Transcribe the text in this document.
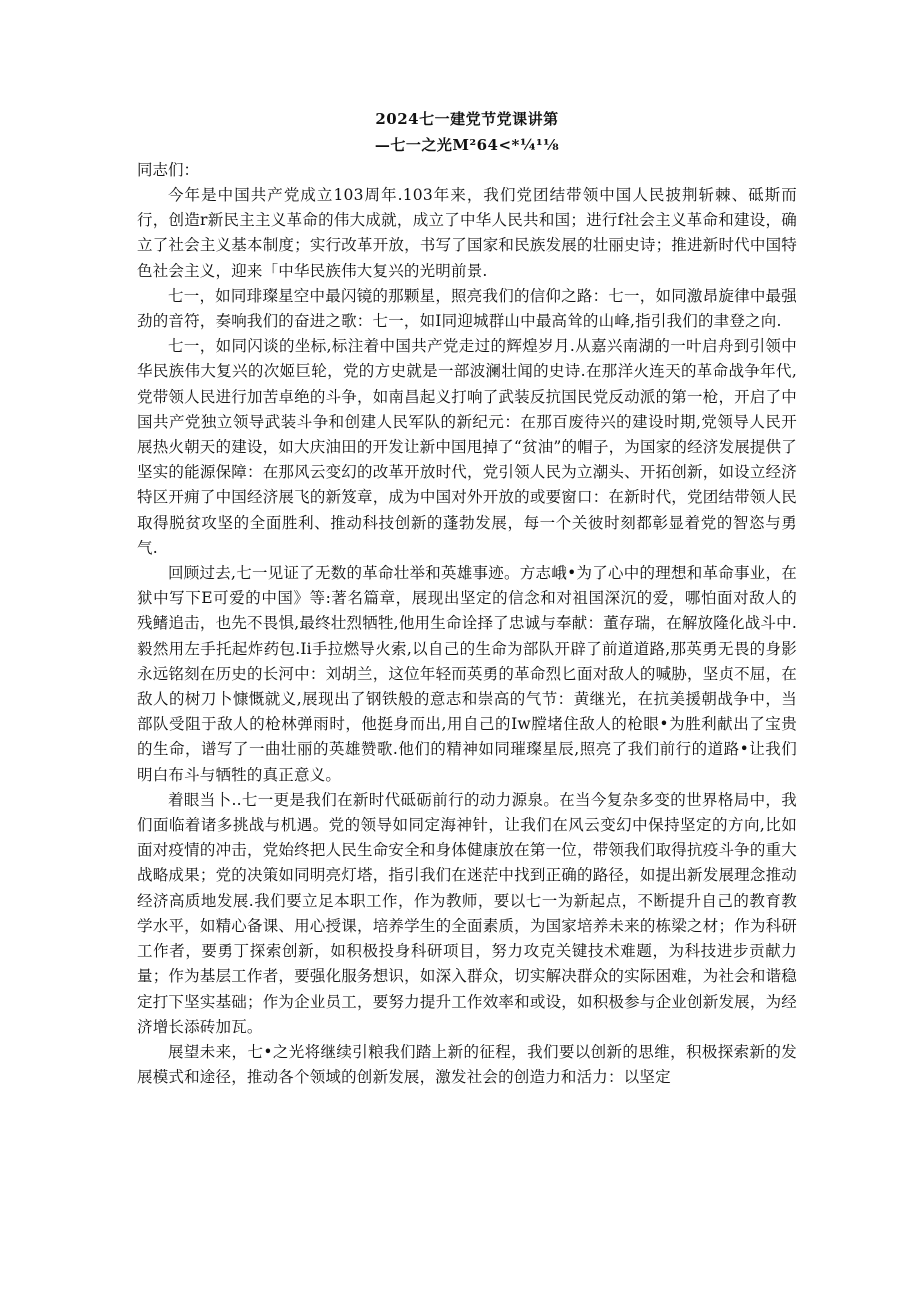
2024七一建党节党课讲第
—七一之光M²64<*¼¹⅛

同志们：

今年是中国共产党成立103周年.103年来，我们党团结带领中国人民披荆斩棘、砥斯而行，创造r新民主主义革命的伟大成就，成立了中华人民共和国；进行f社会主义革命和建设，确立了社会主义基本制度；实行改革开放，书写了国家和民族发展的壮丽史诗；推进新时代中国特色社会主义，迎来「中华民族伟大复兴的光明前景.

七一，如同琲璨星空中最闪镜的那颗星，照亮我们的信仰之路：七一，如同激昂旋律中最强劲的音符，奏响我们的奋进之歌：七一，如I同迎城群山中最高耸的山峰,指引我们的聿登之向.

七一，如同闪谈的坐标,标注着中国共产党走过的辉煌岁月.从嘉兴南湖的一叶启舟到引领中华民族伟大复兴的次姬巨轮，党的方史就是一部波澜壮闻的史诗.在那洋火连天的革命战争年代,党带领人民进行加苦卓绝的斗争，如南昌起义打响了武装反抗国民党反动派的第一枪，开启了中国共产党独立领导武装斗争和创建人民军队的新纪元：在那百废待兴的建设时期,党领导人民开展热火朝天的建设，如大庆油田的开发让新中国甩掉了“贫油”的帽子，为国家的经济发展提供了坚实的能源保障：在那风云变幻的改革开放时代，党引领人民为立潮头、开拓创新，如设立经济特区开痈了中国经济展飞的新笈章，成为中国对外开放的或要窗口：在新时代，党团结带领人民取得脱贫攻坚的全面胜利、推动科技创新的蓬勃发展，每一个关彼时刻都彰显着党的智恣与勇气.

回顾过去,七一见证了无数的革命壮举和英雄事迹。方志峨•为了心中的理想和革命事业，在狱中写下E可爱的中国》等:著名篇章，展现出坚定的信念和对祖国深沉的爱，哪怕面对敌人的残鳍追击，也先不畏惧,最终壮烈牺牲,他用生命诠择了忠诚与奉献：董存瑞，在解放隆化战斗中.毅然用左手托起炸药包.Ii手拉燃导火索,以自己的生命为部队开辟了前道道路,那英勇无畏的身影永远铭刻在历史的长河中：刘胡兰，这位年轻而英勇的革命烈匕面对敌人的喊胁，坚贞不屈，在敌人的树刀卜慷慨就义,展现出了钢铁般的意志和崇高的气节：黄继光，在抗美援朝战争中，当部队受阻于敌人的枪林弹雨时，他挺身而出,用自己的Iw膛堵住敌人的枪眼•为胜利献出了宝贵的生命，谱写了一曲壮丽的英雄赞歌.他们的精神如同璀璨星辰,照亮了我们前行的道路•让我们明白布斗与牺牲的真正意义。

着眼当卜..七一更是我们在新时代砥砺前行的动力源泉。在当今复杂多变的世界格局中，我们面临着诸多挑战与机遇。党的领导如同定海神针，让我们在风云变幻中保持坚定的方向,比如面对疫情的冲击，党始终把人民生命安全和身体健康放在第一位，带领我们取得抗疫斗争的重大战略成果；党的决策如同明亮灯塔，指引我们在迷茫中找到正确的路径，如提出新发展理念推动经济高质地发展.我们要立足本职工作，作为教师，要以七一为新起点，不断提升自己的教育教学水平，如精心备课、用心授课，培养学生的全面素质，为国家培养未来的栋梁之材；作为科研工作者，要勇丁探索创新，如积极投身科研项目，努力攻克关键技术难题，为科技进步贡献力量；作为基层工作者，要强化服务想识，如深入群众，切实解决群众的实际困难，为社会和谐稳定打下坚实基础；作为企业员工，要努力提升工作效率和或设，如积极参与企业创新发展，为经济增长添砖加瓦。

展望未来，七•之光将继续引粮我们踏上新的征程，我们要以创新的思维，积极探索新的发展模式和途径，推动各个领域的创新发展，激发社会的创造力和活力：以坚定
